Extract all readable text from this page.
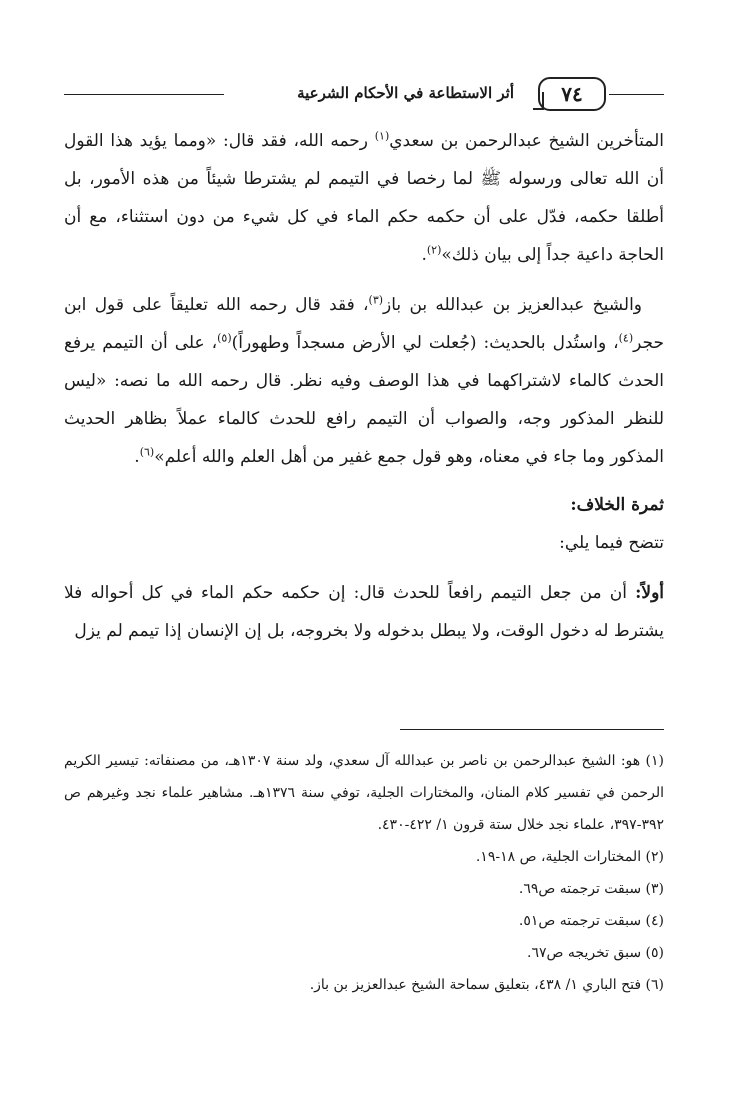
٧٤
أثر الاستطاعة في الأحكام الشرعية

المتأخرين الشيخ عبدالرحمن بن سعدي$^{(١)}$ رحمه الله، فقد قال: «ومما يؤيد هذا القول أن الله تعالى ورسوله ﷺ لما رخصا في التيمم لم يشترطا شيئاً من هذه الأمور، بل أطلقا حكمه، فدّل على أن حكمه حكم الماء في كل شيء من دون استثناء، مع أن الحاجة داعية جداً إلى بيان ذلك»$^{(٢)}$.

والشيخ عبدالعزيز بن عبدالله بن باز$^{(٣)}$، فقد قال رحمه الله تعليقاً على قول ابن حجر$^{(٤)}$، واستُدل بالحديث: (جُعلت لي الأرض مسجداً وطهوراً)$^{(٥)}$، على أن التيمم يرفع الحدث كالماء لاشتراكهما في هذا الوصف وفيه نظر. قال رحمه الله ما نصه: «ليس للنظر المذكور وجه، والصواب أن التيمم رافع للحدث كالماء عملاً بظاهر الحديث المذكور وما جاء في معناه، وهو قول جمع غفير من أهل العلم والله أعلم»$^{(٦)}$.

ثمرة الخلاف:

تتضح فيما يلي:

أولاً: أن من جعل التيمم رافعاً للحدث قال: إن حكمه حكم الماء في كل أحواله فلا يشترط له دخول الوقت، ولا يبطل بدخوله ولا بخروجه، بل إن الإنسان إذا تيمم لم يزل

(١) هو: الشيخ عبدالرحمن بن ناصر بن عبدالله آل سعدي، ولد سنة ١٣٠٧هـ، من مصنفاته: تيسير الكريم الرحمن في تفسير كلام المنان، والمختارات الجلية، توفي سنة ١٣٧٦هـ. مشاهير علماء نجد وغيرهم ص ٣٩٢-٣٩٧، علماء نجد خلال ستة قرون ١/ ٤٢٢-٤٣٠.

(٢) المختارات الجلية، ص ١٨-١٩.

(٣) سبقت ترجمته ص٦٩.

(٤) سبقت ترجمته ص٥١.

(٥) سبق تخريجه ص٦٧.

(٦) فتح الباري ١/ ٤٣٨، بتعليق سماحة الشيخ عبدالعزيز بن باز.
